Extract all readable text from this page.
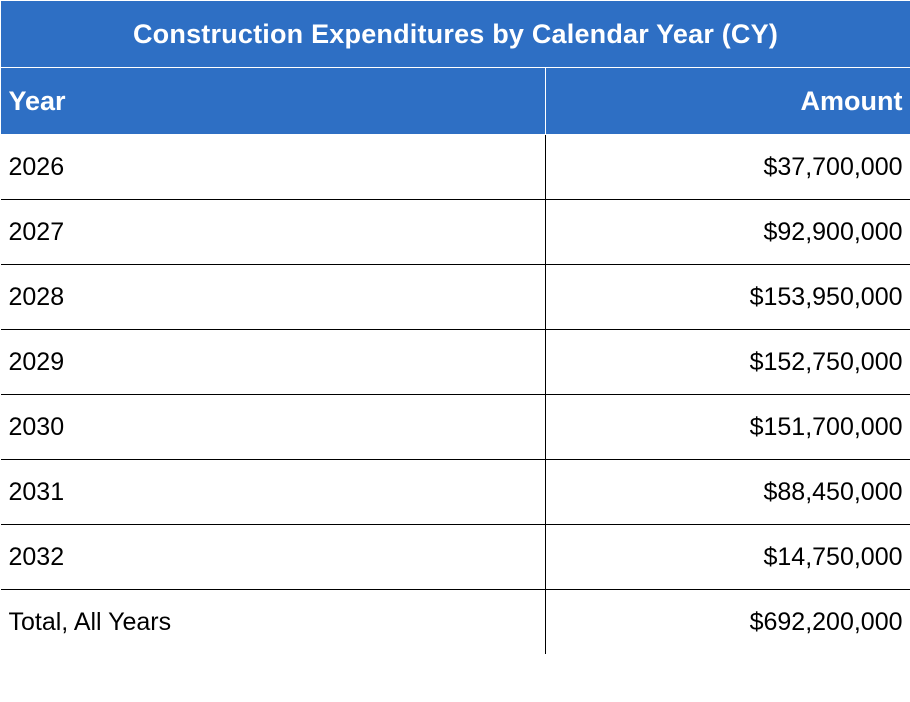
Construction Expenditures by Calendar Year (CY)	
Year	Amount
2026	$37,700,000
2027	$92,900,000
2028	$153,950,000
2029	$152,750,000
2030	$151,700,000
2031	$88,450,000
2032	$14,750,000
Total, All Years	$692,200,000
